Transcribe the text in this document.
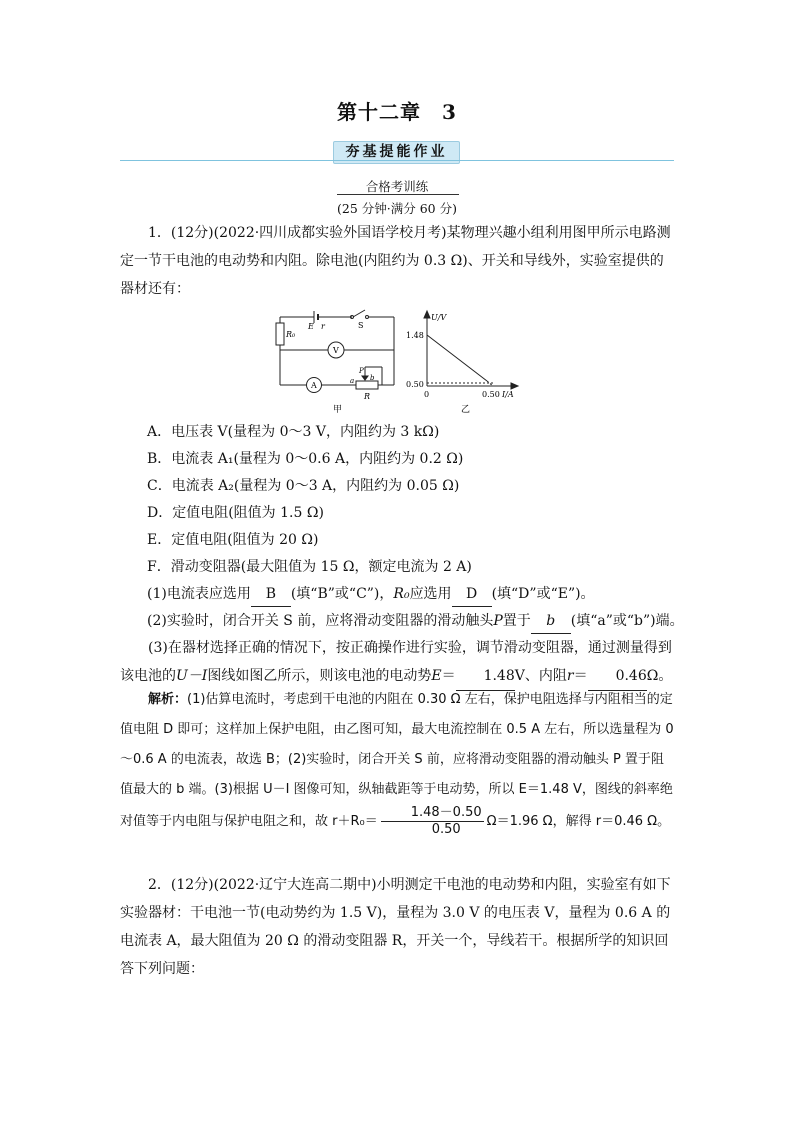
第十二章　3
夯基提能作业
合格考训练
(25 分钟·满分 60 分)

1．(12分)(2022·四川成都实验外国语学校月考)某物理兴趣小组利用图甲所示电路测定一节干电池的电动势和内阻。除电池(内阻约为 0.3 Ω)、开关和导线外，实验室提供的器材还有：

E r	S
R₀
V
A	a b
P
R
甲
U/V
1.48
0.50
0	0.50 I/A
乙
A．电压表 V(量程为 0～3 V，内阻约为 3 kΩ)
B．电流表 A₁(量程为 0～0.6 A，内阻约为 0.2 Ω)
C．电流表 A₂(量程为 0～3 A，内阻约为 0.05 Ω)
D．定值电阻(阻值为 1.5 Ω)
E．定值电阻(阻值为 20 Ω)
F．滑动变阻器(最大阻值为 15 Ω，额定电流为 2 A)
(1)电流表应选用 B (填“B”或“C”)，R₀应选用 D (填“D”或“E”)。
(2)实验时，闭合开关 S 前，应将滑动变阻器的滑动触头P置于 b (填“a”或“b”)端。

(3)在器材选择正确的情况下，按正确操作进行实验，调节滑动变阻器，通过测量得到该电池的U－I图线如图乙所示，则该电池的电动势E＝ 1.48V、内阻r＝ 0.46Ω。

解析：(1)估算电流时，考虑到干电池的内阻在 0.30 Ω 左右，保护电阻选择与内阻相当的定值电阻 D 即可；这样加上保护电阻，由乙图可知，最大电流控制在 0.5 A 左右，所以选量程为 0～0.6 A 的电流表，故选 B；(2)实验时，闭合开关 S 前，应将滑动变阻器的滑动触头 P 置于阻值最大的 b 端。(3)根据 U－I 图像可知，纵轴截距等于电动势，所以 E＝1.48 V，图线的斜率绝对值等于内电阻与保护电阻之和，故 $r+R_0= \frac{1.48-0.50}{0.50} \Omega=1.96$ Ω，解得 r＝0.46 Ω。

2．(12分)(2022·辽宁大连高二期中)小明测定干电池的电动势和内阻，实验室有如下实验器材：干电池一节(电动势约为 1.5 V)，量程为 3.0 V 的电压表 V，量程为 0.6 A 的电流表 A，最大阻值为 20 Ω 的滑动变阻器 R，开关一个，导线若干。根据所学的知识回答下列问题：
